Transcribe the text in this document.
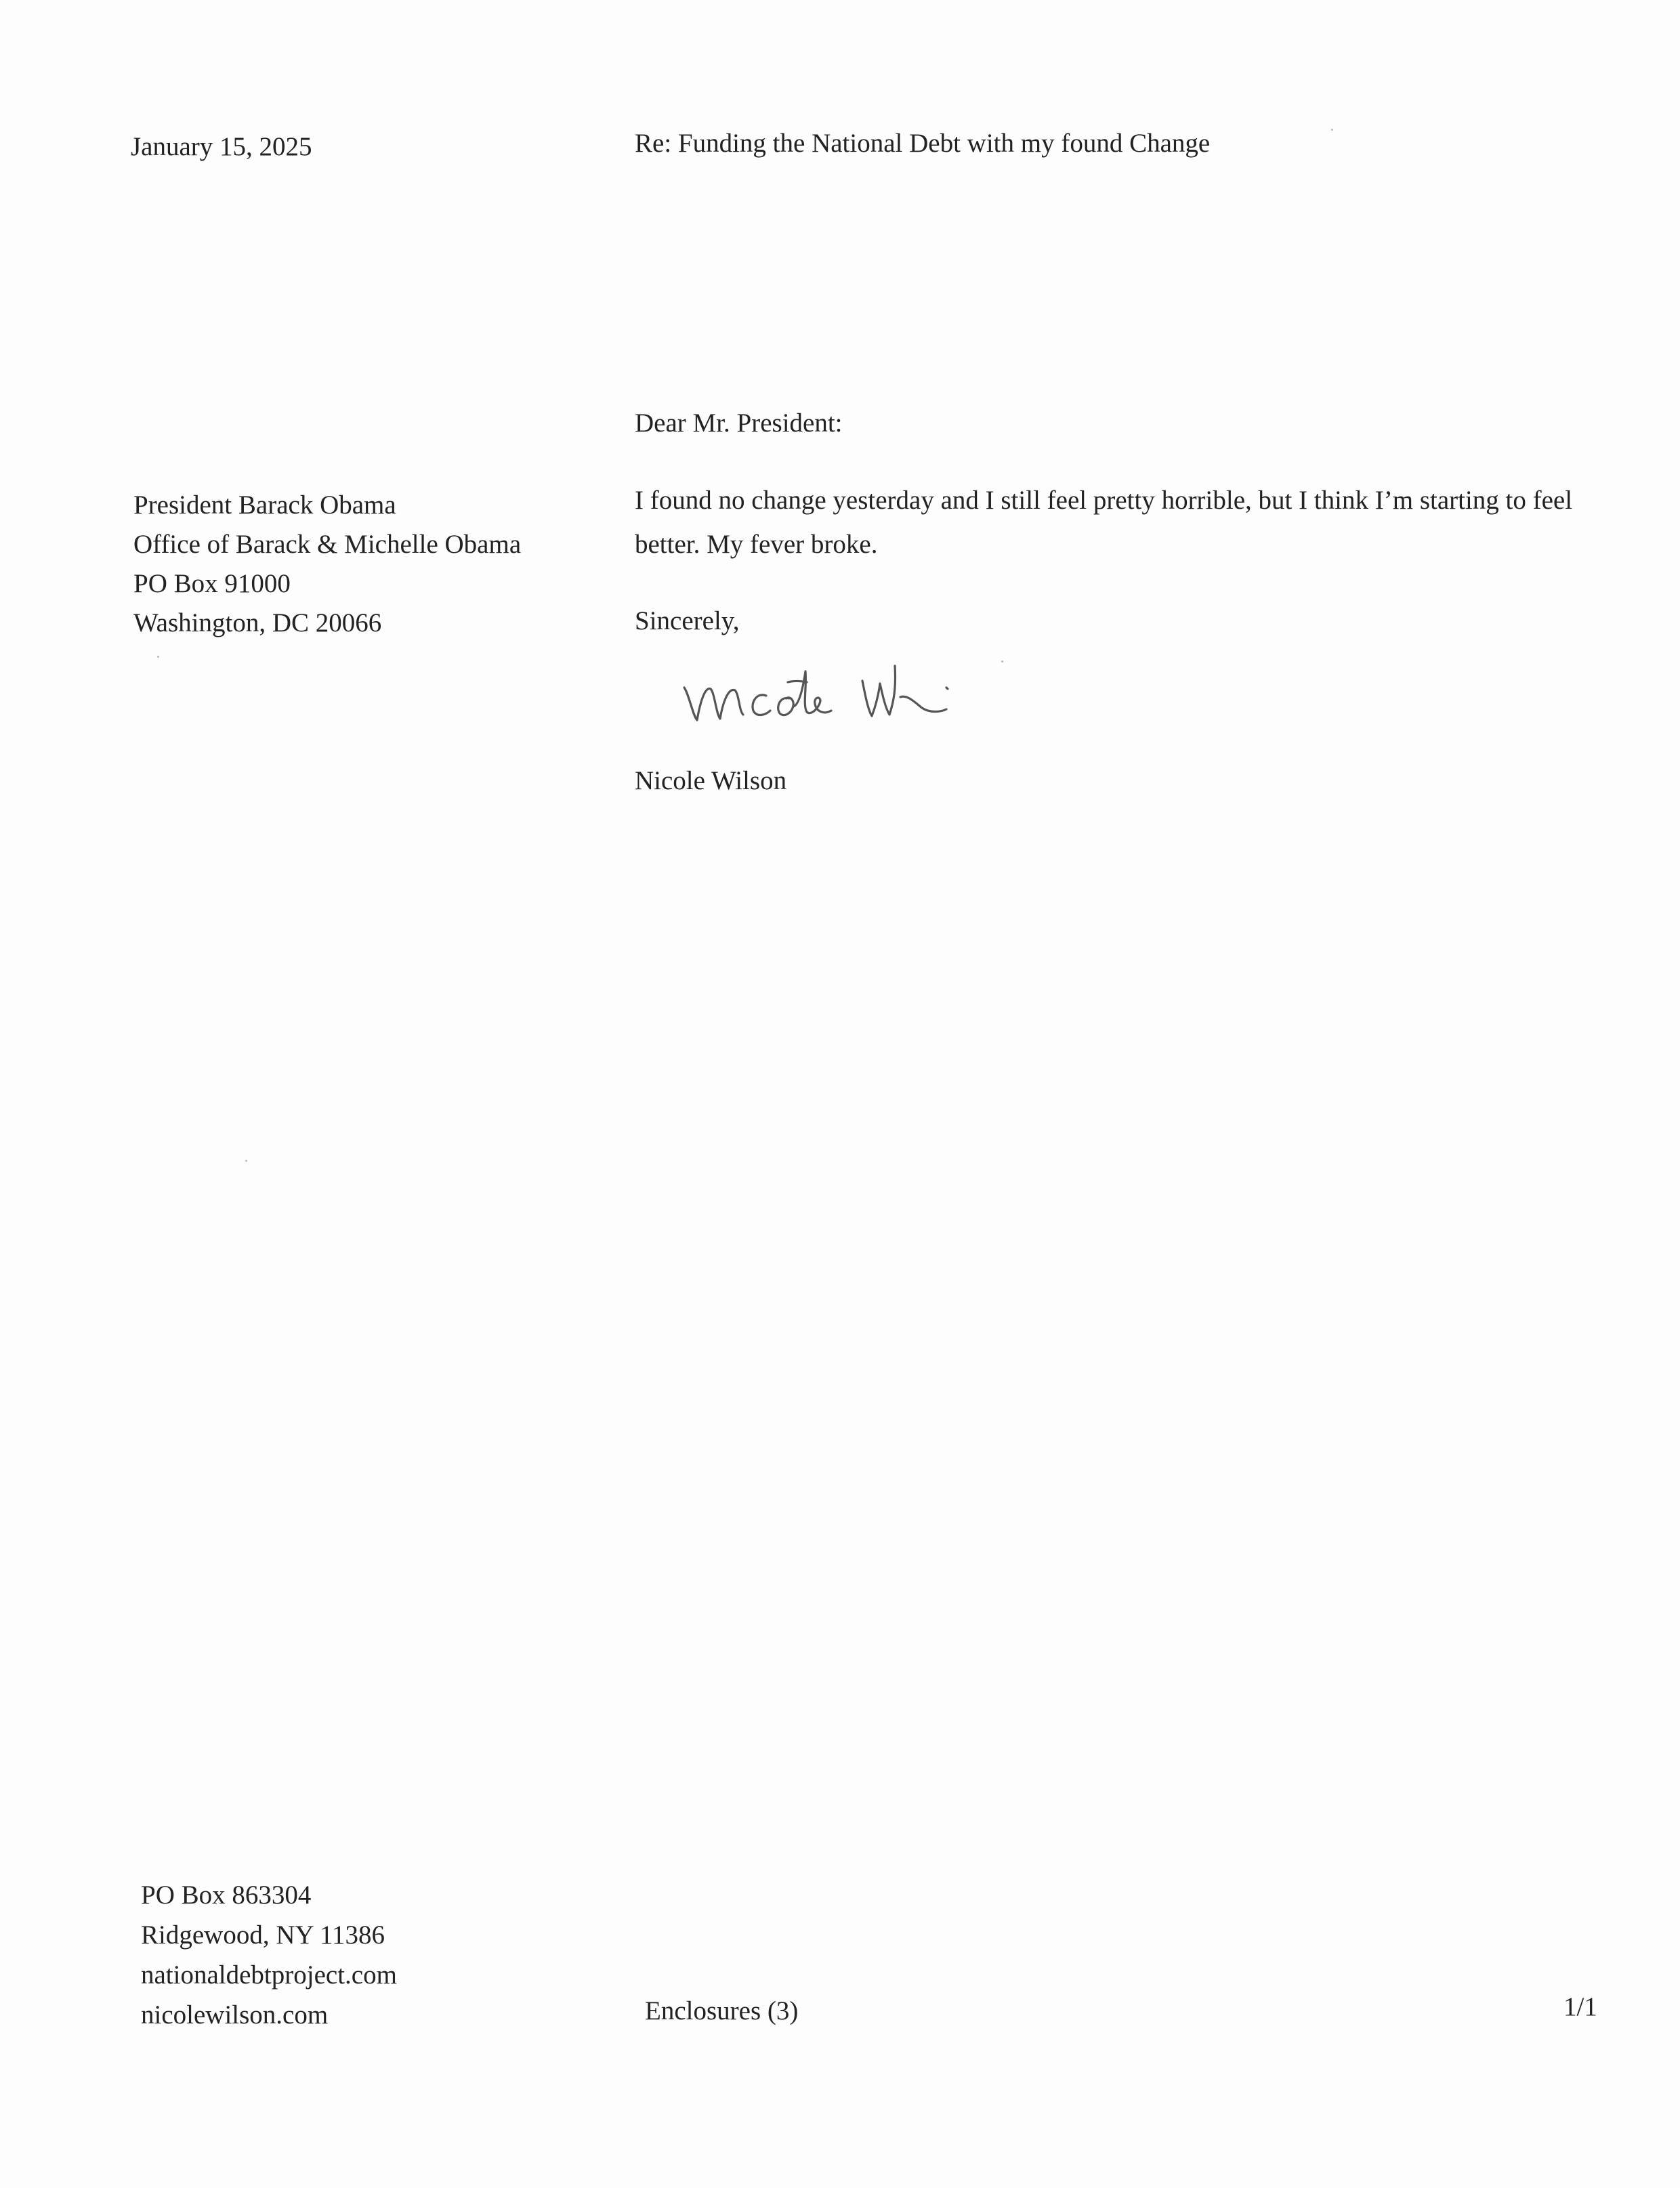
January 15, 2025	Re: Funding the National Debt with my found Change
Dear Mr. President:
President Barack Obama
Office of Barack & Michelle Obama
PO Box 91000
Washington, DC 20066
I found no change yesterday and I still feel pretty horrible, but I think I’m starting to feel better. My fever broke.
Sincerely,
Nicole Wilson
PO Box 863304
Ridgewood, NY 11386
nationaldebtproject.com
nicolewilson.com	Enclosures (3)	1/1
